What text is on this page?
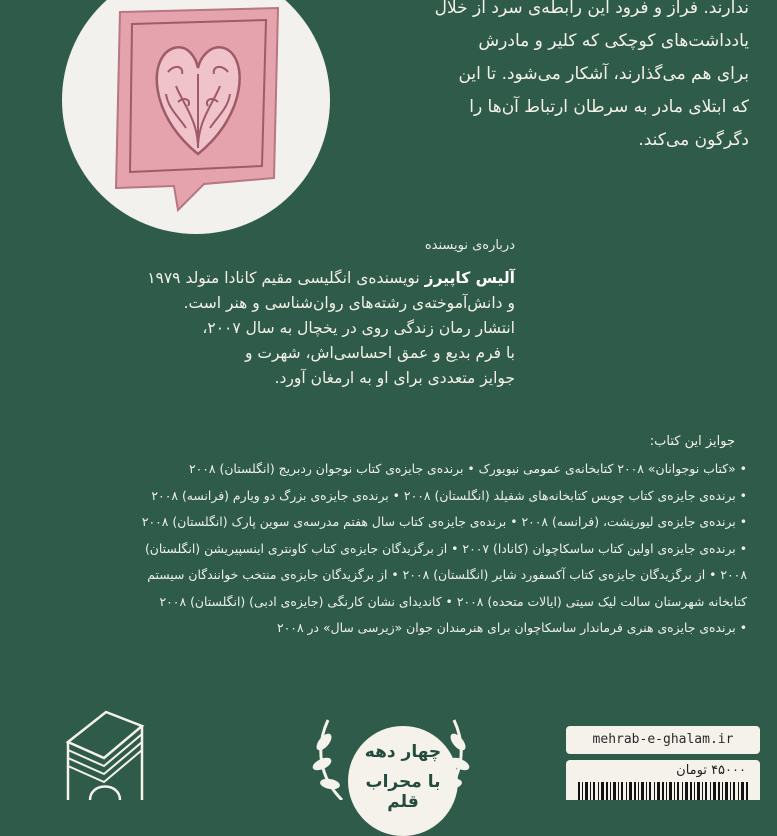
ندارند. فراز و فرود این رابطه‌ی سرد از خلال
یادداشت‌های کوچکی که کلیر و مادرش
برای هم می‌گذارند، آشکار می‌شود. تا این
که ابتلای مادر به سرطان ارتباط آن‌ها را
دگرگون می‌کند.
درباره‌ی نویسنده
آلیس کاپیرز نویسنده‌ی انگلیسی مقیم کانادا متولد ۱۹۷۹
و دانش‌آموخته‌ی رشته‌های روان‌شناسی و هنر است.
انتشار رمان زندگی روی در یخچال به سال ۲۰۰۷،
با فرم بدیع و عمق احساسی‌اش، شهرت و
جوایز متعددی برای او به ارمغان آورد.
جوایز این کتاب:
• «کتاب نوجوانان» ۲۰۰۸ کتابخانه‌ی عمومی نیویورک • برنده‌ی جایزه‌ی کتاب نوجوان ردبریج (انگلستان) ۲۰۰۸
• برنده‌ی جایزه‌ی کتاب چویس کتابخانه‌های شفیلد (انگلستان) ۲۰۰۸ • برنده‌ی جایزه‌ی بزرگ دو ویارم (فرانسه) ۲۰۰۸
• برنده‌ی جایزه‌ی لیورنِشت، (فرانسه) ۲۰۰۸ • برنده‌ی جایزه‌ی کتاب سال هفتم مدرسه‌ی سوین پارک (انگلستان) ۲۰۰۸
• برنده‌ی جایزه‌ی اولین کتاب ساسکاچوان (کانادا) ۲۰۰۷ • از برگزیدگان جایزه‌ی کتاب کاونتری اینسپیریشن (انگلستان)
۲۰۰۸ • از برگزیدگان جایزه‌ی کتاب آکسفورد شایر (انگلستان) ۲۰۰۸ • از برگزیدگان جایزه‌ی منتخب خوانندگان سیستم
کتابخانه شهرستان سالت لیک سیتی (ایالات متحده) ۲۰۰۸ • کاندیدای نشان کارنگی (جایزه‌ی ادبی) (انگلستان) ۲۰۰۸
• برنده‌ی جایزه‌ی هنری فرماندار ساسکاچوان برای هنرمندان جوان «زیرسی سال» در ۲۰۰۸
چهار دهه
با محراب قلم
mehrab-e-ghalam.ir
۴۵۰۰۰ تومان
